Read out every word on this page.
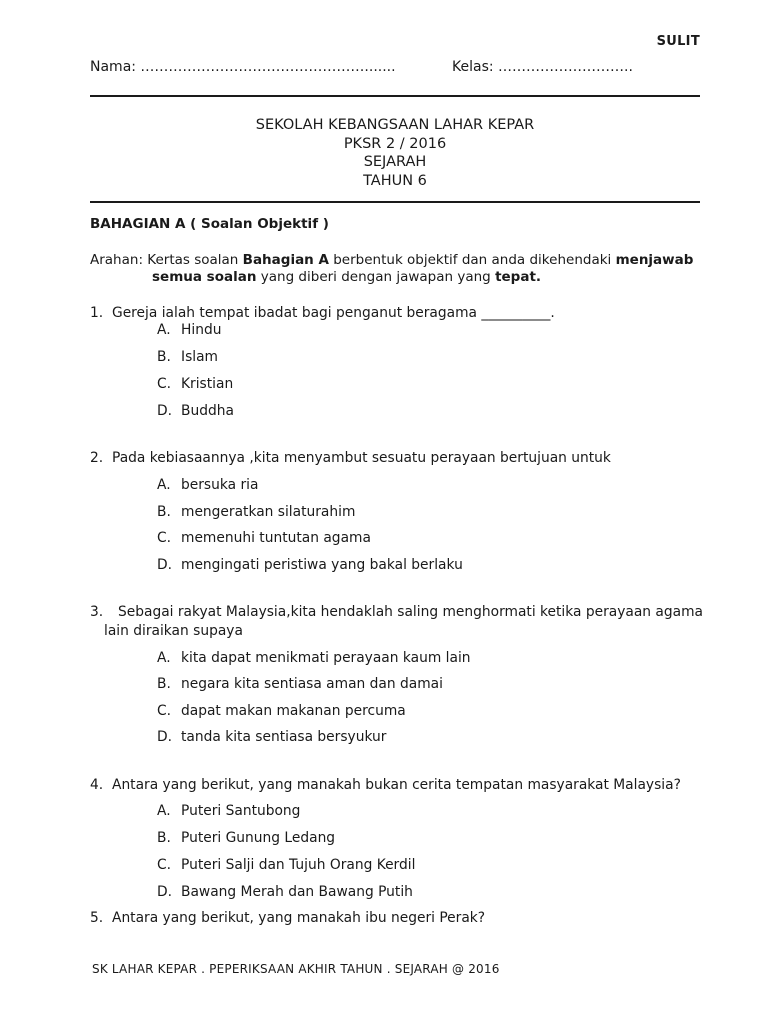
SULIT
Nama: ………………………………………….......	Kelas: ………………………..
SEKOLAH KEBANGSAAN LAHAR KEPAR
PKSR 2 / 2016
SEJARAH
TAHUN 6
BAHAGIAN A ( Soalan Objektif )
Arahan: Kertas soalan Bahagian A berbentuk objektif dan anda dikehendaki menjawab
semua soalan yang diberi dengan jawapan yang tepat.
1. Gereja ialah tempat ibadat bagi penganut beragama __________.
A. Hindu
B. Islam
C. Kristian
D. Buddha
2. Pada kebiasaannya ,kita menyambut sesuatu perayaan bertujuan untuk
A. bersuka ria
B. mengeratkan silaturahim
C. memenuhi tuntutan agama
D. mengingati peristiwa yang bakal berlaku
3. Sebagai rakyat Malaysia,kita hendaklah saling menghormati ketika perayaan agama
lain diraikan supaya
A. kita dapat menikmati perayaan kaum lain
B. negara kita sentiasa aman dan damai
C. dapat makan makanan percuma
D. tanda kita sentiasa bersyukur
4. Antara yang berikut, yang manakah bukan cerita tempatan masyarakat Malaysia?
A. Puteri Santubong
B. Puteri Gunung Ledang
C. Puteri Salji dan Tujuh Orang Kerdil
D. Bawang Merah dan Bawang Putih
5. Antara yang berikut, yang manakah ibu negeri Perak?
SK LAHAR KEPAR . PEPERIKSAAN AKHIR TAHUN . SEJARAH @ 2016
